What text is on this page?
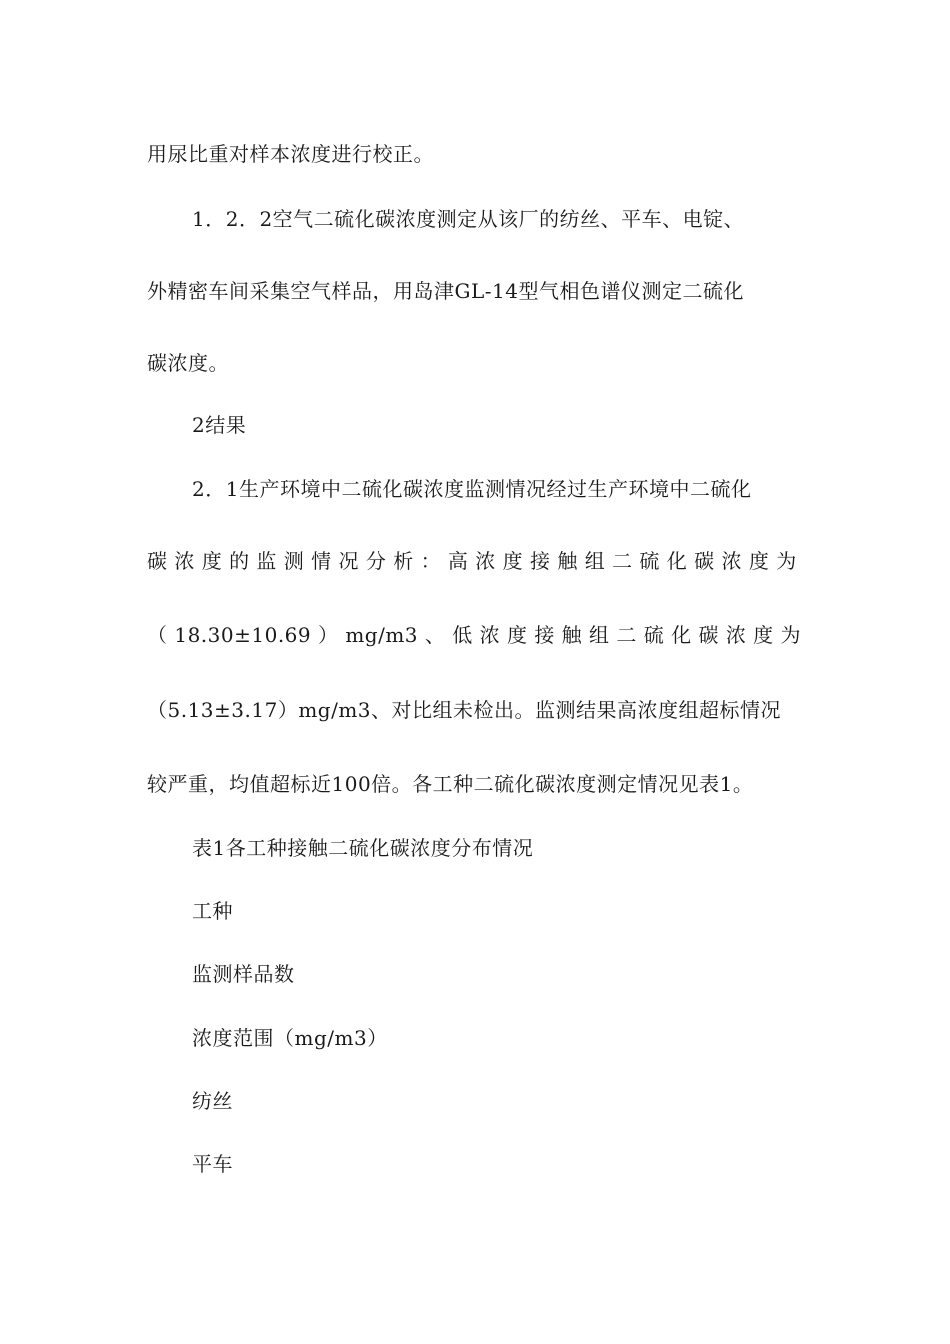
用尿比重对样本浓度进行校正。
1．2．2空气二硫化碳浓度测定从该厂的纺丝、平车、电锭、
外精密车间采集空气样品，用岛津GL-14型气相色谱仪测定二硫化
碳浓度。
2结果
2．1生产环境中二硫化碳浓度监测情况经过生产环境中二硫化
碳 浓 度 的 监 测 情 况 分 析 ： 高 浓 度 接 触 组 二 硫 化 碳 浓 度 为
（ 18.30±10.69 ） mg/m3 、 低 浓 度 接 触 组 二 硫 化 碳 浓 度 为
（5.13±3.17）mg/m3、对比组未检出。监测结果高浓度组超标情况
较严重，均值超标近100倍。各工种二硫化碳浓度测定情况见表1。
表1各工种接触二硫化碳浓度分布情况
工种
监测样品数
浓度范围（mg/m3）
纺丝
平车
